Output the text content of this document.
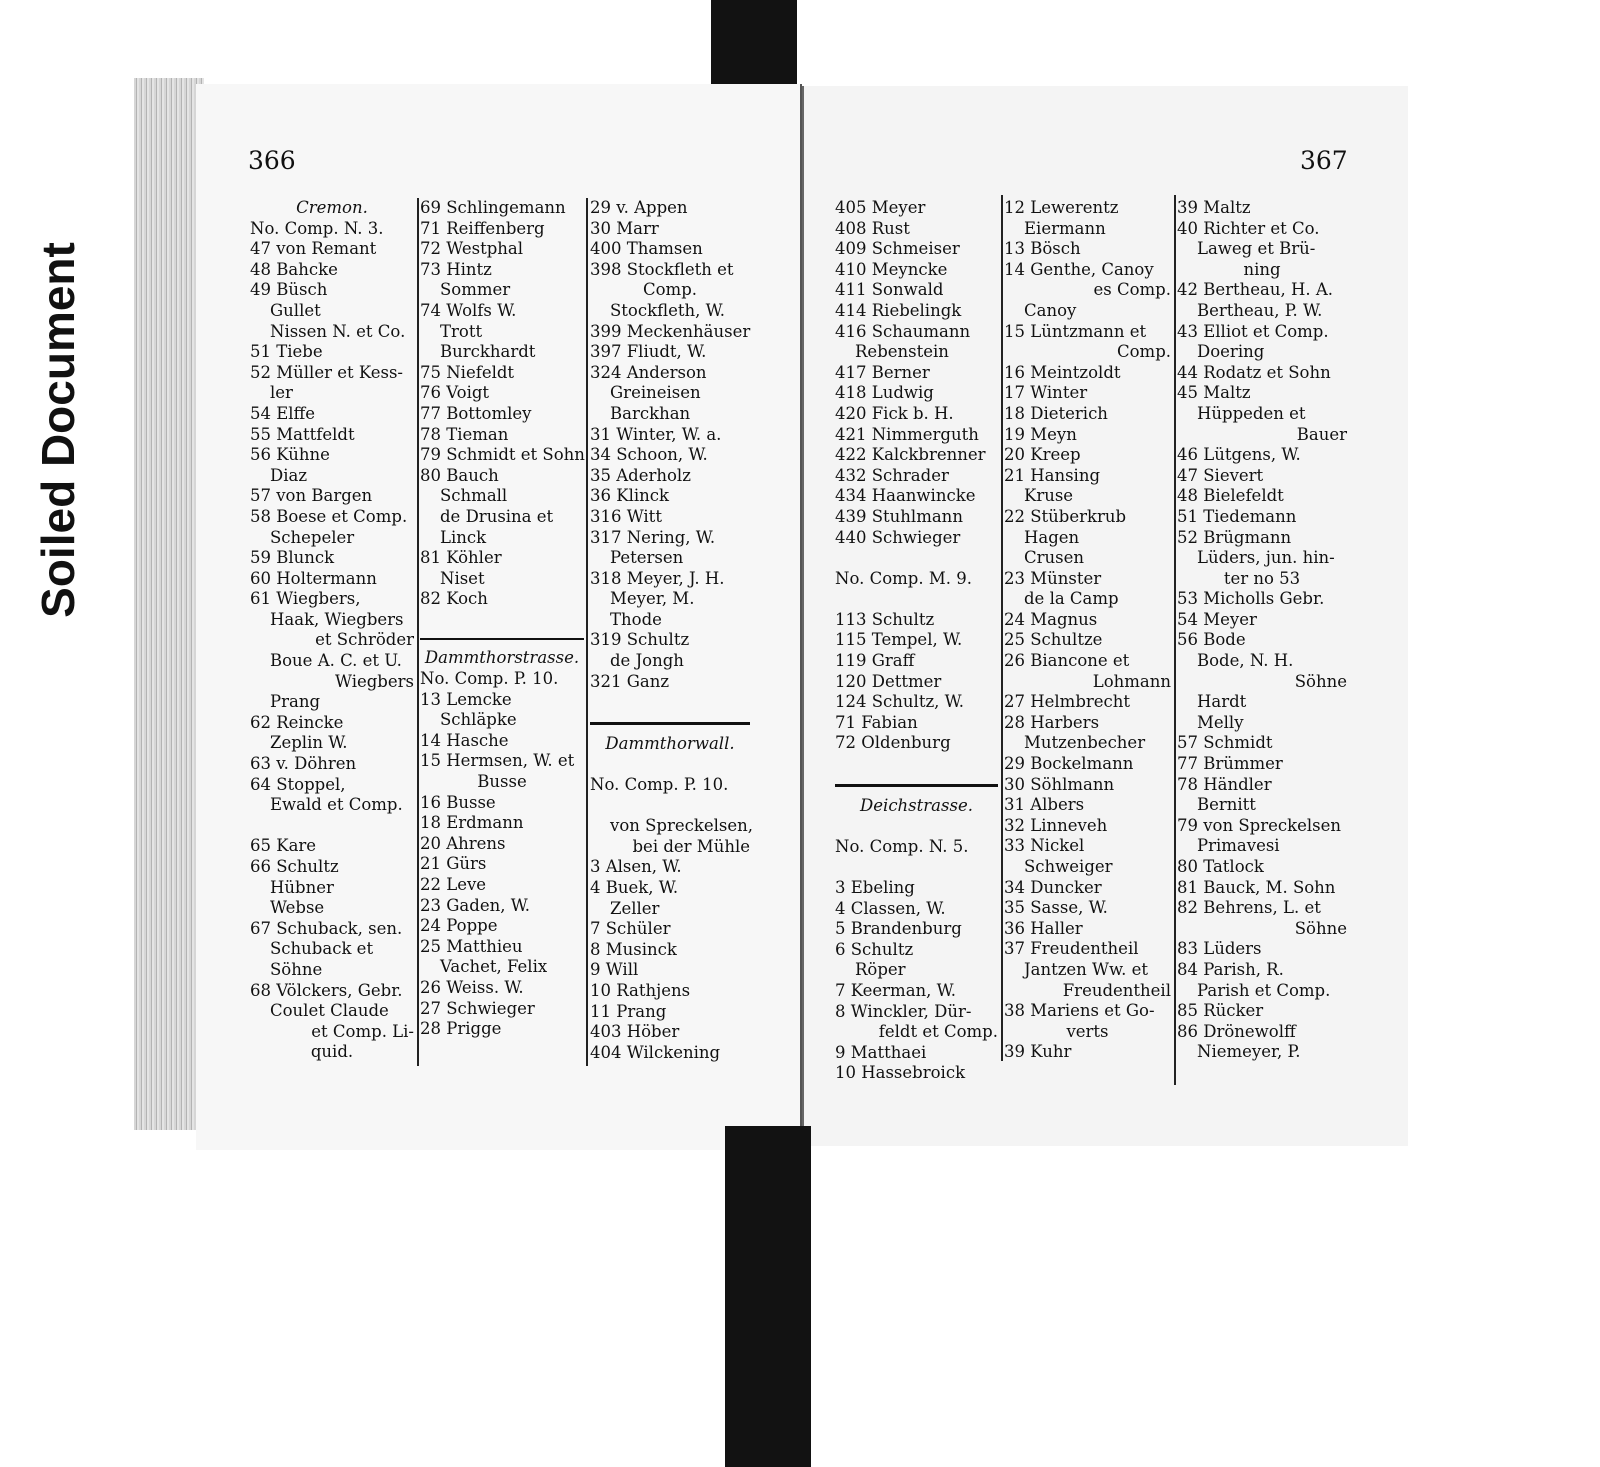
Soiled Document
366	367
Cremon.
No. Comp. N. 3.
47 von Remant
48 Bahcke
49 Büsch
Gullet
Nissen N. et Co.
51 Tiebe
52 Müller et Kess-
ler
54 Elffe
55 Mattfeldt
56 Kühne
Diaz
57 von Bargen
58 Boese et Comp.
Schepeler
59 Blunck
60 Holtermann
61 Wiegbers,
Haak, Wiegbers
et Schröder
Boue A. C. et U.
Wiegbers
Prang
62 Reincke
Zeplin W.
63 v. Döhren
64 Stoppel,
Ewald et Comp.
65 Kare
66 Schultz
Hübner
Webse
67 Schuback, sen.
Schuback et
Söhne
68 Völckers, Gebr.
Coulet Claude
et Comp. Li-
quid.
69 Schlingemann
71 Reiffenberg
72 Westphal
73 Hintz
Sommer
74 Wolfs W.
Trott
Burckhardt
75 Niefeldt
76 Voigt
77 Bottomley
78 Tieman
79 Schmidt et Sohn
80 Bauch
Schmall
de Drusina et
Linck
81 Köhler
Niset
82 Koch
Dammthorstrasse.
No. Comp. P. 10.
13 Lemcke
Schläpke
14 Hasche
15 Hermsen, W. et
Busse
16 Busse
18 Erdmann
20 Ahrens
21 Gürs
22 Leve
23 Gaden, W.
24 Poppe
25 Matthieu
Vachet, Felix
26 Weiss. W.
27 Schwieger
28 Prigge
29 v. Appen
30 Marr
400 Thamsen
398 Stockfleth et
Comp.
Stockfleth, W.
399 Meckenhäuser
397 Fliudt, W.
324 Anderson
Greineisen
Barckhan
31 Winter, W. a.
34 Schoon, W.
35 Aderholz
36 Klinck
316 Witt
317 Nering, W.
Petersen
318 Meyer, J. H.
Meyer, M.
Thode
319 Schultz
de Jongh
321 Ganz
Dammthorwall.
No. Comp. P. 10.
von Spreckelsen,
bei der Mühle
3 Alsen, W.
4 Buek, W.
Zeller
7 Schüler
8 Musinck
9 Will
10 Rathjens
11 Prang
403 Höber
404 Wilckening
405 Meyer
408 Rust
409 Schmeiser
410 Meyncke
411 Sonwald
414 Riebelingk
416 Schaumann
Rebenstein
417 Berner
418 Ludwig
420 Fick b. H.
421 Nimmerguth
422 Kalckbrenner
432 Schrader
434 Haanwincke
439 Stuhlmann
440 Schwieger
No. Comp. M. 9.
113 Schultz
115 Tempel, W.
119 Graff
120 Dettmer
124 Schultz, W.
71 Fabian
72 Oldenburg
Deichstrasse.
No. Comp. N. 5.
3 Ebeling
4 Classen, W.
5 Brandenburg
6 Schultz
Röper
7 Keerman, W.
8 Winckler, Dür-
feldt et Comp.
9 Matthaei
10 Hassebroick
12 Lewerentz
Eiermann
13 Bösch
14 Genthe, Canoy
es Comp.
Canoy
15 Lüntzmann et
Comp.
16 Meintzoldt
17 Winter
18 Dieterich
19 Meyn
20 Kreep
21 Hansing
Kruse
22 Stüberkrub
Hagen
Crusen
23 Münster
de la Camp
24 Magnus
25 Schultze
26 Biancone et
Lohmann
27 Helmbrecht
28 Harbers
Mutzenbecher
29 Bockelmann
30 Söhlmann
31 Albers
32 Linneveh
33 Nickel
Schweiger
34 Duncker
35 Sasse, W.
36 Haller
37 Freudentheil
Jantzen Ww. et
Freudentheil
38 Mariens et Go-
verts
39 Kuhr
39 Maltz
40 Richter et Co.
Laweg et Brü-
ning
42 Bertheau, H. A.
Bertheau, P. W.
43 Elliot et Comp.
Doering
44 Rodatz et Sohn
45 Maltz
Hüppeden et
Bauer
46 Lütgens, W.
47 Sievert
48 Bielefeldt
51 Tiedemann
52 Brügmann
Lüders, jun. hin-
ter no 53
53 Micholls Gebr.
54 Meyer
56 Bode
Bode, N. H.
Söhne
Hardt
Melly
57 Schmidt
77 Brümmer
78 Händler
Bernitt
79 von Spreckelsen
Primavesi
80 Tatlock
81 Bauck, M. Sohn
82 Behrens, L. et
Söhne
83 Lüders
84 Parish, R.
Parish et Comp.
85 Rücker
86 Drönewolff
Niemeyer, P.
